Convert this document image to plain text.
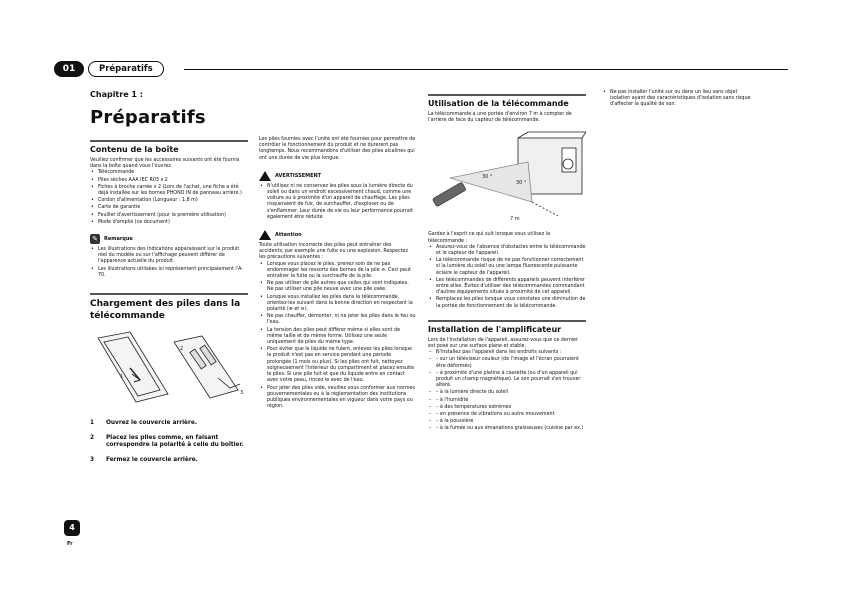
01	Préparatifs
Chapitre 1 :
Préparatifs
Contenu de la boîte

Veuillez confirmer que les accessoires suivants ont été fournis dans la boîte quand vous l'ouvrez.

• Télécommande
• Piles sèches AAA IEC R03 x 2
• Fiches à broche carrée x 2 (Lors de l'achat, une fiche a été déjà installée sur les bornes PHONO IN de panneau arrière.)
• Cordon d'alimentation (Longueur : 1,8 m)
• Carte de garantie
• Feuillet d'avertissement (pour la première utilisation)
• Mode d'emploi (ce document)
✎	Remarque
• Les illustrations des indications apparaissant sur le produit réel du modèle ou sur l'affichage peuvent différer de l'apparence actuelle du produit.
• Les illustrations utilisées ici représentent principalement l'A-70.
Chargement des piles dans la télécommande
2
3
1
1	Ouvrez le couvercle arrière.
2	Placez les piles comme, en faisant correspondre la polarité à celle du boîtier.
3	Fermez le couvercle arrière.

Les piles fournies avec l'unité ont été fournies pour permettre de contrôler le fonctionnement du produit et ne durerent pas longtemps. Nous recommandons d'utiliser des piles alcalines qui ont une durée de vie plus longue.

AVERTISSEMENT
• N'utilisez ni ne conservez les piles sous la lumière directe du soleil ou dans un endroit excessivement chaud, comme une voiture ou à proximité d'un appareil de chauffage. Les piles risqueraient de fuir, de surchauffer, d'exploser ou de s'enflammer. Leur durée de vie ou leur performance pourrait également être réduite.
Attention

Toute utilisation incorrecte des piles peut entraîner des accidents, par exemple une fuite ou une explosion. Respectez les précautions suivantes :

• Lorsque vous placez le piles, prenez soin de ne pas endommager les ressorts des bornes de la pile ⊖. Ceci peut entraîner la fuite ou la surchauffe de la pile.
• Ne pas utiliser de pile autres que celles qui sont indiquées. Ne pas utiliser une pile neuve avec une pile usée.
• Lorsque vous installez les piles dans la télécommande, orientez-les suivant dans la bonne direction en respectant la polarité (⊕ et ⊖).
• Ne pas chauffer, démonter, ni ne jeter les piles dans le feu ou l'eau.
• La tension des piles peut différer même si elles sont de même taille et de même forme. Utilisez une seule uniquement de piles du même type.
• Pour éviter que le liquide ne fuient, enlevez les piles lorsque le produit n'est pas en service pendant une période prolongée (1 mois ou plus). Si les piles ont fuit, nettoyez soigneusement l'intérieur du compartiment et placez ensuite le piles. Si une pile fuit et que du liquide entre en contact avec votre peau, rincez le avec de l'eau.
• Pour jeter des piles vide, veuillez vous conformer aux normes gouvernementales ou à la règlementation des institutions publiques environnementales en vigueur dans votre pays ou région.
Utilisation de la télécommande

La télécommande a une portée d'environ 7 m à compter de l'arrière de face du capteur de télécommande.

30 °
30 °
7 m

Gardez à l'esprit ce qui suit lorsque vous utilisez la télécommande :

• Assurez-vous de l'absence d'obstacles entre la télécommande et le capteur de l'appareil.
• La télécommande risque de ne pas fonctionner correctement si la lumière du soleil ou une lampe fluorescente puissante éclaire le capteur de l'appareil.
• Les télécommandes de différents appareils peuvent interférer entre elles. Évitez d'utiliser des télécommandes commandant d'autres équipements situés à proximité de cet appareil.
• Remplacez les piles lorsque vous constatez une diminution de la portée de fonctionnement de la télécommande.
Installation de l'amplificateur

Lors de l'installation de l'appareil, assurez-vous que ce dernier est posé sur une surface plane et stable.

– N'installez pas l'appareil dans les endroits suivants :
– – sur un téléviseur couleur (de l'image et l'écran pourraient être déformés)
– – à proximité d'une platine à cassette (ou d'un appareil qui produit un champ magnétique). Le son pourrait s'en trouver altéré.
– – à la lumière directe du soleil
– – à l'humidité
– – à des températures extrêmes
– – en présence de vibrations ou autre mouvement
– – à la poussière
– – à la fumée ou aux émanations graisseuses (cuisine par ex.)
• Ne pas installer l'unité sur ou dans un lieu sans objet isolation ayant des caractéristiques d'isolation sans risque d'affecter la qualité de son.
4
Fr
